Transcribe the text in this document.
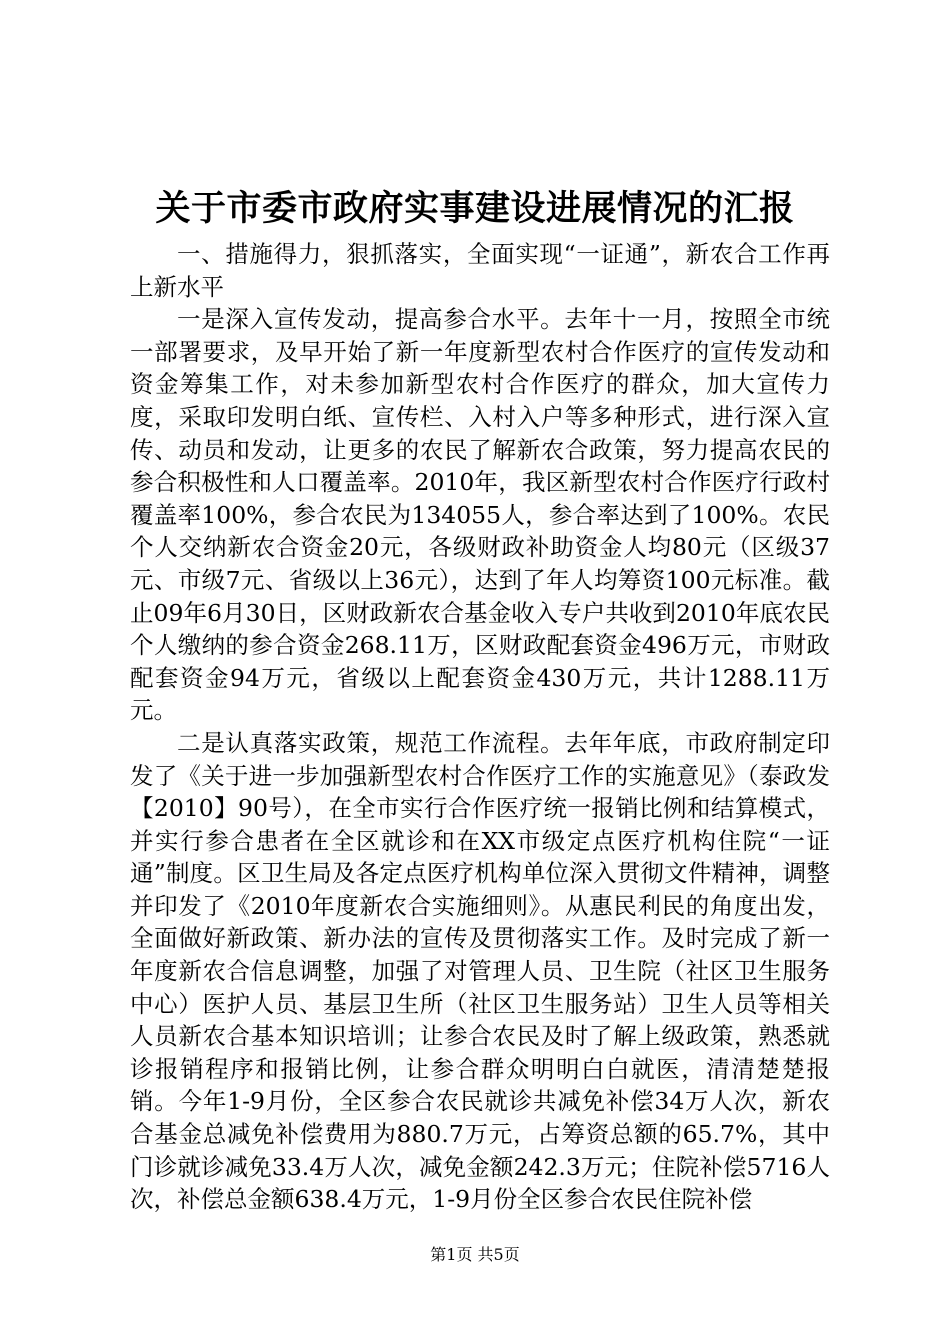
关于市委市政府实事建设进展情况的汇报

一、措施得力，狠抓落实，全面实现“一证通”，新农合工作再上新水平

一是深入宣传发动，提高参合水平。去年十一月，按照全市统一部署要求，及早开始了新一年度新型农村合作医疗的宣传发动和资金筹集工作，对未参加新型农村合作医疗的群众，加大宣传力度，采取印发明白纸、宣传栏、入村入户等多种形式，进行深入宣传、动员和发动，让更多的农民了解新农合政策，努力提高农民的参合积极性和人口覆盖率。2010年，我区新型农村合作医疗行政村覆盖率100%，参合农民为134055人，参合率达到了100%。农民个人交纳新农合资金20元，各级财政补助资金人均80元（区级37元、市级7元、省级以上36元），达到了年人均筹资100元标准。截止09年6月30日，区财政新农合基金收入专户共收到2010年底农民个人缴纳的参合资金268.11万，区财政配套资金496万元，市财政配套资金94万元，省级以上配套资金430万元，共计1288.11万元。

二是认真落实政策，规范工作流程。去年年底，市政府制定印发了《关于进一步加强新型农村合作医疗工作的实施意见》（泰政发【2010】90号），在全市实行合作医疗统一报销比例和结算模式，并实行参合患者在全区就诊和在XX市级定点医疗机构住院“一证通”制度。区卫生局及各定点医疗机构单位深入贯彻文件精神，调整并印发了《2010年度新农合实施细则》。从惠民利民的角度出发，全面做好新政策、新办法的宣传及贯彻落实工作。及时完成了新一年度新农合信息调整，加强了对管理人员、卫生院（社区卫生服务中心）医护人员、基层卫生所（社区卫生服务站）卫生人员等相关人员新农合基本知识培训；让参合农民及时了解上级政策，熟悉就诊报销程序和报销比例，让参合群众明明白白就医，清清楚楚报销。今年1-9月份，全区参合农民就诊共减免补偿34万人次，新农合基金总减免补偿费用为880.7万元，占筹资总额的65.7%，其中门诊就诊减免33.4万人次，减免金额242.3万元；住院补偿5716人次，补偿总金额638.4万元，1-9月份全区参合农民住院补偿

第1页 共5页
